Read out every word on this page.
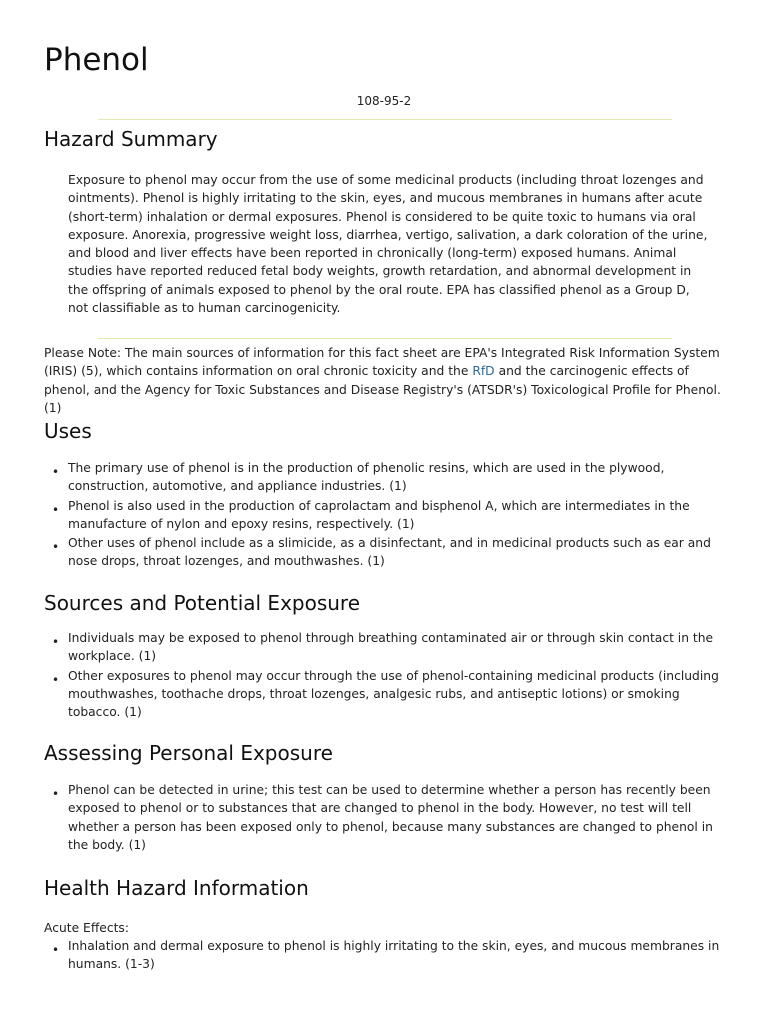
Phenol
108-95-2
Hazard Summary

Exposure to phenol may occur from the use of some medicinal products (including throat lozenges and ointments). Phenol is highly irritating to the skin, eyes, and mucous membranes in humans after acute (short-term) inhalation or dermal exposures. Phenol is considered to be quite toxic to humans via oral exposure. Anorexia, progressive weight loss, diarrhea, vertigo, salivation, a dark coloration of the urine, and blood and liver effects have been reported in chronically (long-term) exposed humans. Animal studies have reported reduced fetal body weights, growth retardation, and abnormal development in the offspring of animals exposed to phenol by the oral route. EPA has classified phenol as a Group D, not classifiable as to human carcinogenicity.

Please Note: The main sources of information for this fact sheet are EPA's Integrated Risk Information System (IRIS) (5), which contains information on oral chronic toxicity and the RfD and the carcinogenic effects of phenol, and the Agency for Toxic Substances and Disease Registry's (ATSDR's) Toxicological Profile for Phenol. (1)

Uses
• The primary use of phenol is in the production of phenolic resins, which are used in the plywood, construction, automotive, and appliance industries. (1)
• Phenol is also used in the production of caprolactam and bisphenol A, which are intermediates in the manufacture of nylon and epoxy resins, respectively. (1)
• Other uses of phenol include as a slimicide, as a disinfectant, and in medicinal products such as ear and nose drops, throat lozenges, and mouthwashes. (1)
Sources and Potential Exposure
• Individuals may be exposed to phenol through breathing contaminated air or through skin contact in the workplace. (1)
• Other exposures to phenol may occur through the use of phenol-containing medicinal products (including mouthwashes, toothache drops, throat lozenges, analgesic rubs, and antiseptic lotions) or smoking tobacco. (1)
Assessing Personal Exposure
• Phenol can be detected in urine; this test can be used to determine whether a person has recently been exposed to phenol or to substances that are changed to phenol in the body. However, no test will tell whether a person has been exposed only to phenol, because many substances are changed to phenol in the body. (1)
Health Hazard Information
Acute Effects:
• Inhalation and dermal exposure to phenol is highly irritating to the skin, eyes, and mucous membranes in humans. (1-3)
